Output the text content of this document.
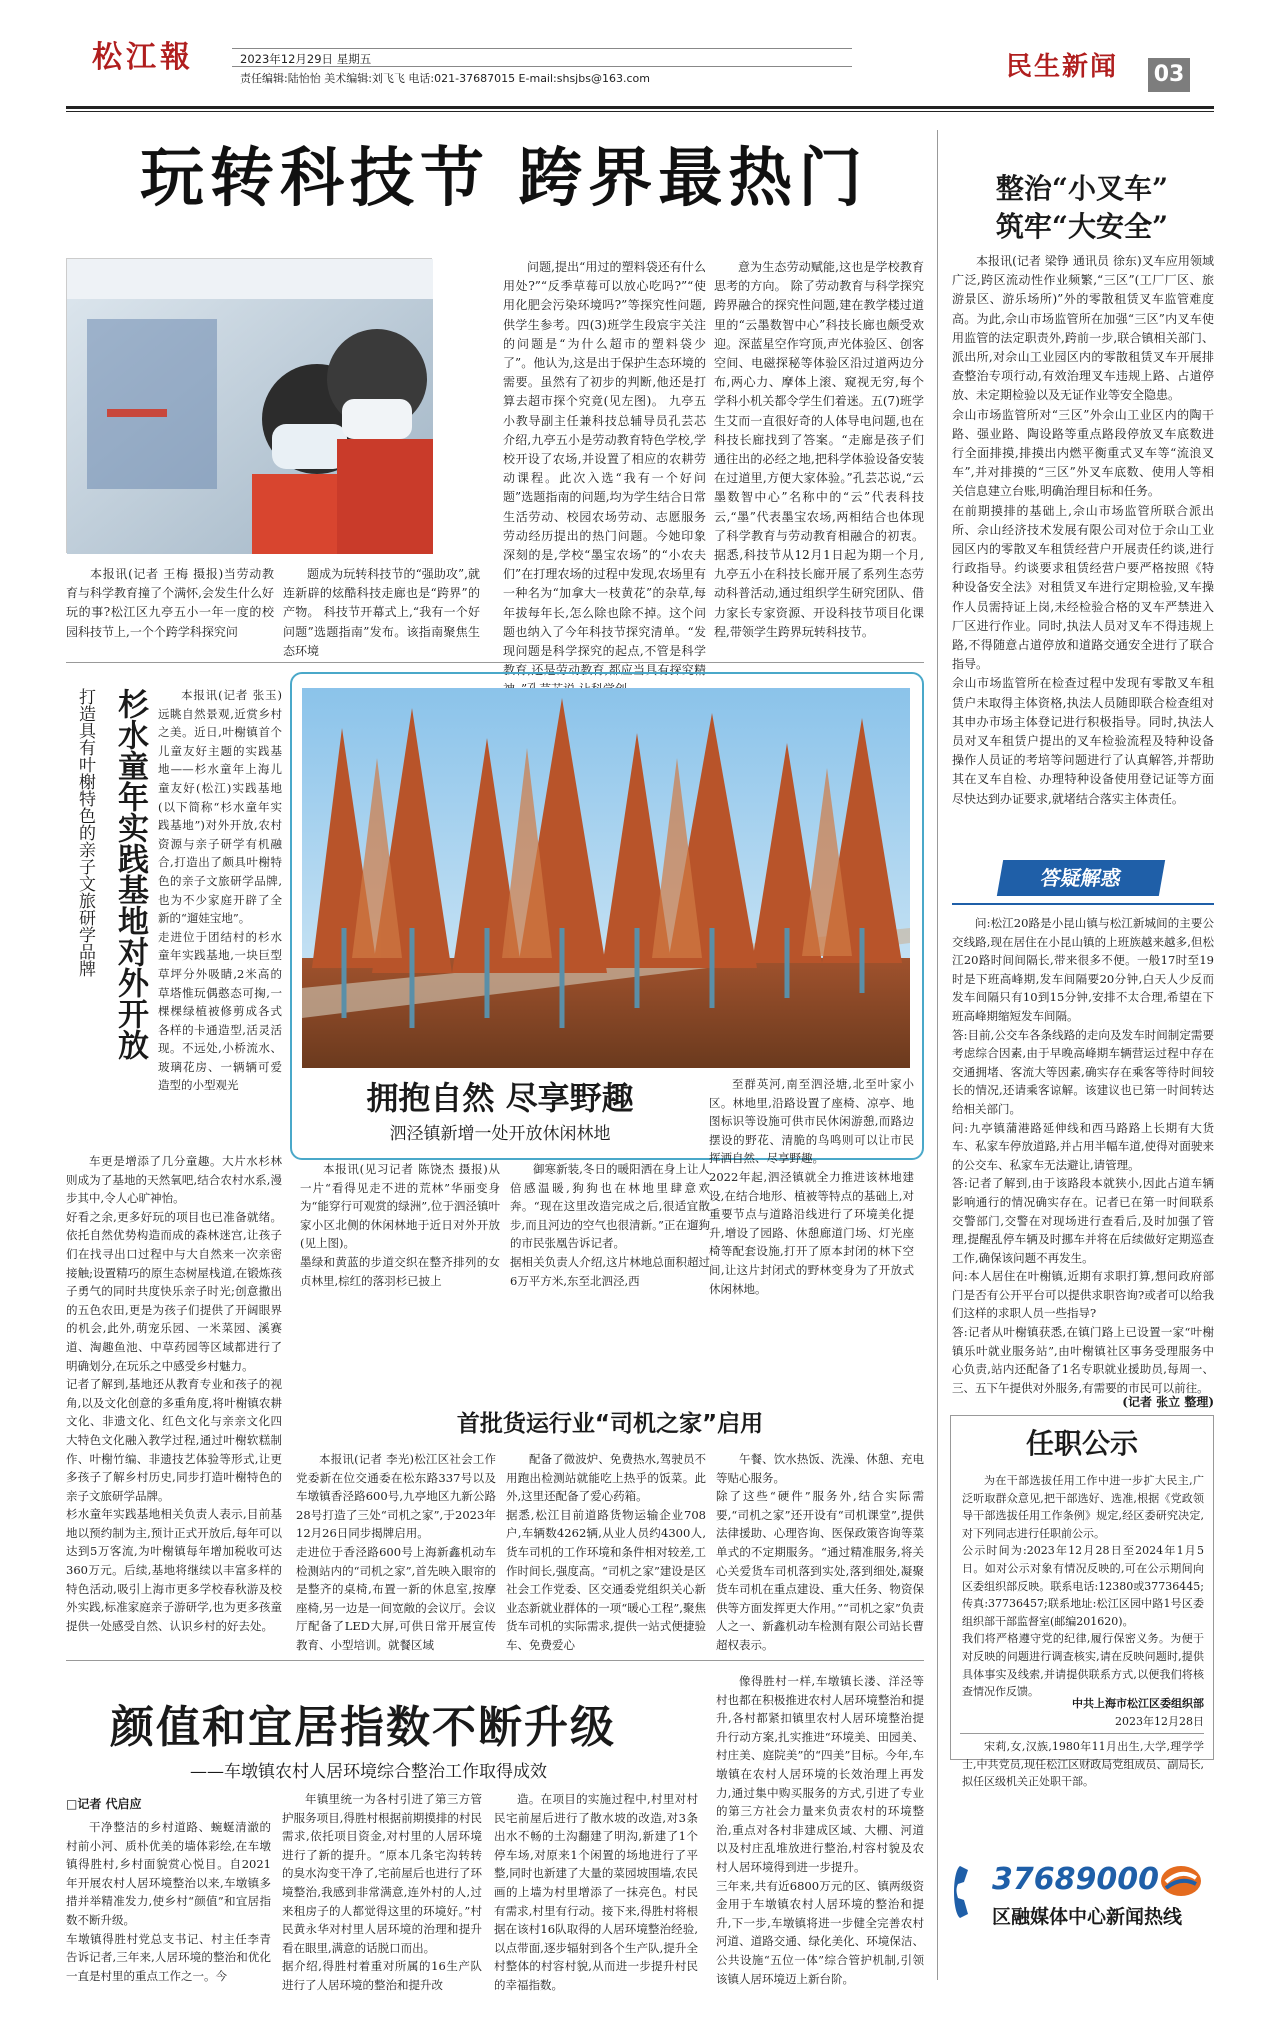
松江報	2023年12月29日 星期五
责任编辑:陆怡怡 美术编辑:刘飞飞 电话:021-37687015 E-mail:shsjbs@163.com	民生新闻 03
玩转科技节 跨界最热门

本报讯(记者 王梅 摄报)当劳动教育与科学教育撞了个满怀,会发生什么好玩的事?松江区九亭五小一年一度的校园科技节上,一个个跨学科探究问

题成为玩转科技节的“强助攻”,就连新辟的炫酷科技走廊也是“跨界”的产物。 科技节开幕式上,“我有一个好问题”选题指南”发布。该指南聚焦生态环境

问题,提出“用过的塑料袋还有什么用处?”“反季草莓可以放心吃吗?”“使用化肥会污染环境吗?”等探究性问题,供学生参考。四(3)班学生段宸宇关注的问题是“为什么超市的塑料袋少了”。他认为,这是出于保护生态环境的需要。虽然有了初步的判断,他还是打算去超市探个究竟(见左图)。 九亭五小教导副主任兼科技总辅导员孔芸芯介绍,九亭五小是劳动教育特色学校,学校开设了农场,并设置了相应的农耕劳动课程。此次入选“我有一个好问题”选题指南的问题,均为学生结合日常生活劳动、校园农场劳动、志愿服务劳动经历提出的热门问题。今她印象深刻的是,学校“墨宝农场”的“小农夫们”在打理农场的过程中发现,农场里有一种名为“加拿大一枝黄花”的杂草,每年拔每年长,怎么除也除不掉。这个问题也纳入了今年科技节探究清单。“发现问题是科学探究的起点,不管是科学教育,还是劳动教育,都应当具有探究精

意为生态劳动赋能,这也是学校教育思考的方向。 除了劳动教育与科学探究跨界融合的探究性问题,建在教学楼过道里的“云墨数智中心”科技长廊也颇受欢迎。深蓝星空作穹顶,声光体验区、创客空间、电磁探秘等体验区沿过道两边分布,两心力、摩体上滚、窥视无穷,每个学科小机关都令学生们着迷。五(7)班学生艾而一直很好奇的人体导电问题,也在科技长廊找到了答案。“走廊是孩子们通往出的必经之地,把科学体验设备安装在过道里,方便大家体验。”孔芸芯说,“云墨数智中心”名称中的“云”代表科技云,“墨”代表墨宝农场,两相结合也体现了科学教育与劳动教育相融合的初衷。 据悉,科技节从12月1日起为期一个月,九亭五小在科技长廊开展了系列生态劳动科普活动,通过组织学生研究团队、借力家长专家资源、开设科技节项目化课程,带领学生跨界玩转科技节。

整治“小叉车”
筑牢“大安全”

本报讯(记者 梁铮 通讯员 徐东)叉车应用领域广泛,跨区流动性作业频繁,“三区”(工厂厂区、旅游景区、游乐场所)”外的零散租赁叉车监管难度高。为此,佘山市场监管所在加强“三区”内叉车使用监管的法定职责外,跨前一步,联合镇相关部门、派出所,对佘山工业园区内的零散租赁叉车开展排查整治专项行动,有效治理叉车违规上路、占道停放、未定期检验以及无证作业等安全隐患。
佘山市场监管所对“三区”外佘山工业区内的陶干路、强业路、陶设路等重点路段停放叉车底数进行全面排摸,排摸出内燃平衡重式叉车等“流浪叉车”,并对排摸的“三区”外叉车底数、使用人等相关信息建立台账,明确治理目标和任务。
在前期摸排的基础上,佘山市场监管所联合派出所、佘山经济技术发展有限公司对位于佘山工业园区内的零散叉车租赁经营户开展责任约谈,进行行政指导。约谈要求租赁经营户要严格按照《特种设备安全法》对租赁叉车进行定期检验,叉车操作人员需持证上岗,未经检验合格的叉车严禁进入厂区进行作业。同时,执法人员对叉车不得违规上路,不得随意占道停放和道路交通安全进行了联合指导。
佘山市场监管所在检查过程中发现有零散叉车租赁户未取得主体资格,执法人员随即联合检查组对其申办市场主体登记进行积极指导。同时,执法人员对叉车租赁户提出的叉车检验流程及特种设备操作人员证的考培等问题进行了认真解答,并帮助其在叉车自检、办理特种设备使用登记证等方面尽快达到办证要求,就堵结合落实主体责任。

答疑解惑

问:松江20路是小昆山镇与松江新城间的主要公交线路,现在居住在小昆山镇的上班族越来越多,但松江20路时间间隔长,带来很多不便。一般17时至19时是下班高峰期,发车间隔要20分钟,白天人少反而发车间隔只有10到15分钟,安排不太合理,希望在下班高峰期缩短发车间隔。
答:目前,公交车各条线路的走向及发车时间制定需要考虑综合因素,由于早晚高峰期车辆营运过程中存在交通拥堵、客流大等因素,确实存在乘客等待时间较长的情况,还请乘客谅解。该建议也已第一时间转达给相关部门。
问:九亭镇蒲港路延伸线和西马路路上长期有大货车、私家车停放道路,并占用半幅车道,使得对面驶来的公交车、私家车无法避让,请管理。
答:记者了解到,由于该路段本就狭小,因此占道车辆影响通行的情况确实存在。记者已在第一时间联系交警部门,交警在对现场进行查看后,及时加强了管理,提醒乱停车辆及时挪车并将在后续做好定期巡查工作,确保该问题不再发生。
问:本人居住在叶榭镇,近期有求职打算,想问政府部门是否有公开平台可以提供求职咨询?或者可以给我们这样的求职人员一些指导?
答:记者从叶榭镇获悉,在镇门路上已设置一家“叶榭镇乐叶就业服务站”,由叶榭镇社区事务受理服务中心负责,站内还配备了1名专职就业援助员,每周一、三、五下午提供对外服务,有需要的市民可以前往。

(记者 张立 整理)
杉水童年实践基地对外开放
打造具有叶榭特色的亲子文旅研学品牌	本报讯(记者 张玉)远眺自然景观,近赏乡村之美。近日,叶榭镇首个儿童友好主题的实践基地——杉水童年上海儿童友好(松江)实践基地(以下简称“杉水童年实践基地”)对外开放,农村资源与亲子研学有机融合,打造出了颇具叶榭特色的亲子文旅研学品牌,也为不少家庭开辟了全新的“遛娃宝地”。
走进位于团结村的杉水童年实践基地,一块巨型草坪分外吸睛,2米高的草塔惟玩偶憨态可掬,一棵棵绿植被修剪成各式各样的卡通造型,活灵活现。不远处,小桥流水、玻璃花房、一辆辆可爱造型的小型观光

车更是增添了几分童趣。大片水杉林则成为了基地的天然氧吧,结合农村水系,漫步其中,令人心旷神怡。
好看之余,更多好玩的项目也已准备就绪。依托自然优势构造而成的森林迷宫,让孩子们在找寻出口过程中与大自然来一次亲密接触;设置精巧的原生态树屋栈道,在锻炼孩子勇气的同时共度快乐亲子时光;创意撒出的五色农田,更是为孩子们提供了开阔眼界的机会,此外,萌宠乐园、一米菜园、溪赛道、淘趣鱼池、中草药园等区域都进行了明确划分,在玩乐之中感受乡村魅力。
记者了解到,基地还从教育专业和孩子的视角,以及文化创意的多重角度,将叶榭镇农耕文化、非遗文化、红色文化与亲亲文化四大特色文化融入教学过程,通过叶榭软糕制作、叶榭竹编、非遗技艺体验等形式,让更多孩子了解乡村历史,同步打造叶榭特色的亲子文旅研学品牌。
杉水童年实践基地相关负责人表示,目前基地以预约制为主,预计正式开放后,每年可以达到5万客流,为叶榭镇每年增加税收可达360万元。后续,基地将继续以丰富多样的特色活动,吸引上海市更多学校春秋游及校外实践,标准家庭亲子游研学,也为更多孩童提供一处感受自然、认识乡村的好去处。

拥抱自然 尽享野趣
泗泾镇新增一处开放休闲林地

至群英河,南至泗泾塘,北至叶家小区。林地里,沿路设置了座椅、凉亭、地图标识等设施可供市民休闲游憩,而路边摆设的野花、清脆的鸟鸣则可以让市民挥洒自然、尽享野趣。
2022年起,泗泾镇就全力推进该林地建设,在结合地形、植被等特点的基础上,对重要节点与道路沿线进行了环境美化提升,增设了园路、休憩廊道门场、灯光座椅等配套设施,打开了原本封闭的林下空间,让这片封闭式的野林变身为了开放式休闲林地。

本报讯(见习记者 陈饶杰 摄报)从一片“看得见走不进的荒林”华丽变身为“能穿行可观赏的绿洲”,位于泗泾镇叶家小区北侧的休闲林地于近日对外开放(见上图)。
墨绿和黄蓝的步道交织在整齐排列的女贞林里,棕红的落羽杉已披上

御寒新装,冬日的暖阳洒在身上让人倍感温暖,狗狗也在林地里肆意欢奔。“现在这里改造完成之后,很适宜散步,而且河边的空气也很清新。”正在遛狗的市民张凰告诉记者。
据相关负责人介绍,这片林地总面积超过6万平方米,东至北泗泾,西

首批货运行业“司机之家”启用

本报讯(记者 李光)松江区社会工作党委新在位交通委在松东路337号以及车墩镇香泾路600号,九亭地区九新公路28号打造了三处“司机之家”,于2023年12月26日同步揭牌启用。
走进位于香泾路600号上海新鑫机动车检测站内的“司机之家”,首先映入眼帘的是整齐的桌椅,布置一新的休息室,按摩座椅,另一边是一间宽敞的会议厅。会议厅配备了LED大屏,可供日常开展宣传教育、小型培训。就餐区域

配备了微波炉、免费热水,驾驶员不用跑出检测站就能吃上热乎的饭菜。此外,这里还配备了爱心药箱。
据悉,松江目前道路货物运输企业708户,车辆数4262辆,从业人员约4300人,货车司机的工作环境和条件相对较差,工作时间长,强度高。“司机之家”建设是区社会工作党委、区交通委党组织关心新业态新就业群体的一项“暖心工程”,聚焦货车司机的实际需求,提供一站式便捷验车、免费爱心

午餐、饮水热饭、洗澡、休憩、充电等贴心服务。
除了这些“硬件”服务外,结合实际需要,“司机之家”还开设有“司机课堂”,提供法律援助、心理咨询、医保政策咨询等菜单式的不定期服务。“通过精准服务,将关心关爱货车司机落到实处,落到细处,凝聚货车司机在重点建设、重大任务、物资保供等方面发挥更大作用。”“司机之家”负责人之一、新鑫机动车检测有限公司站长曹超权表示。

任职公示

为在干部选拔任用工作中进一步扩大民主,广泛听取群众意见,把干部选好、选准,根据《党政领导干部选拔任用工作条例》规定,经区委研究决定,对下列同志进行任职前公示。
公示时间为:2023年12月28日至2024年1月5日。如对公示对象有情况反映的,可在公示期间向区委组织部反映。联系电话:12380或37736445;传真:37736457;联系地址:松江区园中路1号区委组织部干部监督室(邮编201620)。
我们将严格遵守党的纪律,履行保密义务。为便于对反映的问题进行调查核实,请在反映问题时,提供具体事实及线索,并请提供联系方式,以便我们将核查情况作反馈。

中共上海市松江区委组织部
2023年12月28日

宋莉,女,汉族,1980年11月出生,大学,理学学士,中共党员,现任松江区财政局党组成员、副局长,拟任区级机关正处职干部。

37689000
区融媒体中心新闻热线
颜值和宜居指数不断升级
——车墩镇农村人居环境综合整治工作取得成效
□记者 代启应

干净整洁的乡村道路、蜿蜒清澈的村前小河、质朴优美的墙体彩绘,在车墩镇得胜村,乡村面貌赏心悦目。自2021年开展农村人居环境整治以来,车墩镇多措并举精准发力,使乡村“颜值”和宜居指数不断升级。
车墩镇得胜村党总支书记、村主任李青告诉记者,三年来,人居环境的整治和优化一直是村里的重点工作之一。今

年镇里统一为各村引进了第三方管护服务项目,得胜村根据前期摸排的村民需求,依托项目资金,对村里的人居环境进行了新的提升。“原本几条宅沟转转的臭水沟变干净了,宅前屋后也进行了环境整治,我感到非常满意,连外村的人,过来租房子的人都觉得这里的环境好。”村民黄永华对村里人居环境的治理和提升看在眼里,满意的话脱口而出。
据介绍,得胜村着重对所属的16生产队进行了人居环境的整治和提升改

造。在项目的实施过程中,村里对村民宅前屋后进行了散水坡的改造,对3条出水不畅的土沟翻建了明沟,新建了1个停车场,对原来1个闲置的场地进行了平整,同时也新建了大量的菜园坡围墙,农民画的上墙为村里增添了一抹亮色。村民有需求,村里有行动。接下来,得胜村将根据在该村16队取得的人居环境整治经验,以点带面,逐步辐射到各个生产队,提升全村整体的村容村貌,从而进一步提升村民的幸福指数。

像得胜村一样,车墩镇长溇、洋泾等村也都在积极推进农村人居环境整治和提升,各村都紧扣镇里农村人居环境整治提升行动方案,扎实推进“环境美、田园美、村庄美、庭院美”的“四美”目标。今年,车墩镇在农村人居环境的长效治理上再发力,通过集中购买服务的方式,引进了专业的第三方社会力量来负责农村的环境整治,重点对各村非建成区域、大棚、河道以及村庄乱堆放进行整治,村容村貌及农村人居环境得到进一步提升。
三年来,共有近6800万元的区、镇两级资金用于车墩镇农村人居环境的整治和提升,下一步,车墩镇将进一步健全完善农村河道、道路交通、绿化美化、环境保洁、公共设施“五位一体”综合管护机制,引领该镇人居环境迈上新台阶。
